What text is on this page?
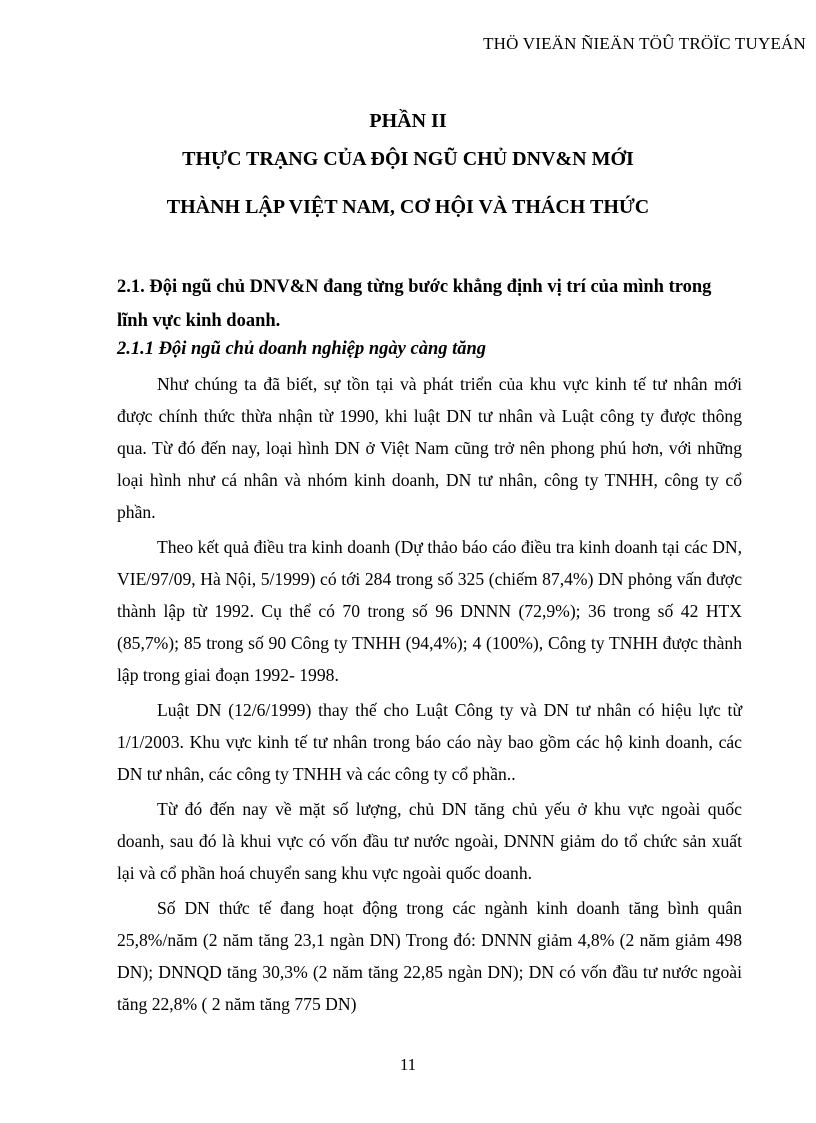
THÖ VIEÄN ÑIEÄN TÖÛ TRÖÏC TUYEÁN
PHẦN II
THỰC TRẠNG CỦA ĐỘI NGŨ CHỦ DNV&N MỚI
THÀNH LẬP VIỆT NAM, CƠ HỘI VÀ THÁCH THỨC
2.1. Đội ngũ chủ DNV&N đang từng bước khẳng định vị trí của mình trong lĩnh vực kinh doanh.
2.1.1 Đội ngũ chủ doanh nghiệp ngày càng tăng

Như chúng ta đã biết, sự tồn tại và phát triển của khu vực kinh tế tư nhân mới được chính thức thừa nhận từ 1990, khi luật DN tư nhân và Luật công ty được thông qua. Từ đó đến nay, loại hình DN ở Việt Nam cũng trở nên phong phú hơn, với những loại hình như cá nhân và nhóm kinh doanh, DN tư nhân, công ty TNHH, công ty cổ phần.

Theo kết quả điều tra kinh doanh (Dự thảo báo cáo điều tra kinh doanh tại các DN, VIE/97/09, Hà Nội, 5/1999) có tới 284 trong số 325 (chiếm 87,4%) DN phỏng vấn được thành lập từ 1992. Cụ thể có 70 trong số 96 DNNN (72,9%); 36 trong số 42 HTX (85,7%); 85 trong số 90 Công ty TNHH (94,4%); 4 (100%), Công ty TNHH được thành lập trong giai đoạn 1992- 1998.

Luật DN (12/6/1999) thay thế cho Luật Công ty và DN tư nhân có hiệu lực từ 1/1/2003. Khu vực kinh tế tư nhân trong báo cáo này bao gồm các hộ kinh doanh, các DN tư nhân, các công ty TNHH và các công ty cổ phần..

Từ đó đến nay về mặt số lượng, chủ DN tăng chủ yếu ở khu vực ngoài quốc doanh, sau đó là khui vực có vốn đầu tư nước ngoài, DNNN giảm do tổ chức sản xuất lại và cổ phần hoá chuyển sang khu vực ngoài quốc doanh.

Số DN thức tế đang hoạt động trong các ngành kinh doanh tăng bình quân 25,8%/năm (2 năm tăng 23,1 ngàn DN) Trong đó: DNNN giảm 4,8% (2 năm giảm 498 DN); DNNQD tăng 30,3% (2 năm tăng 22,85 ngàn DN); DN có vốn đầu tư nước ngoài tăng 22,8% ( 2 năm tăng 775 DN)

11
